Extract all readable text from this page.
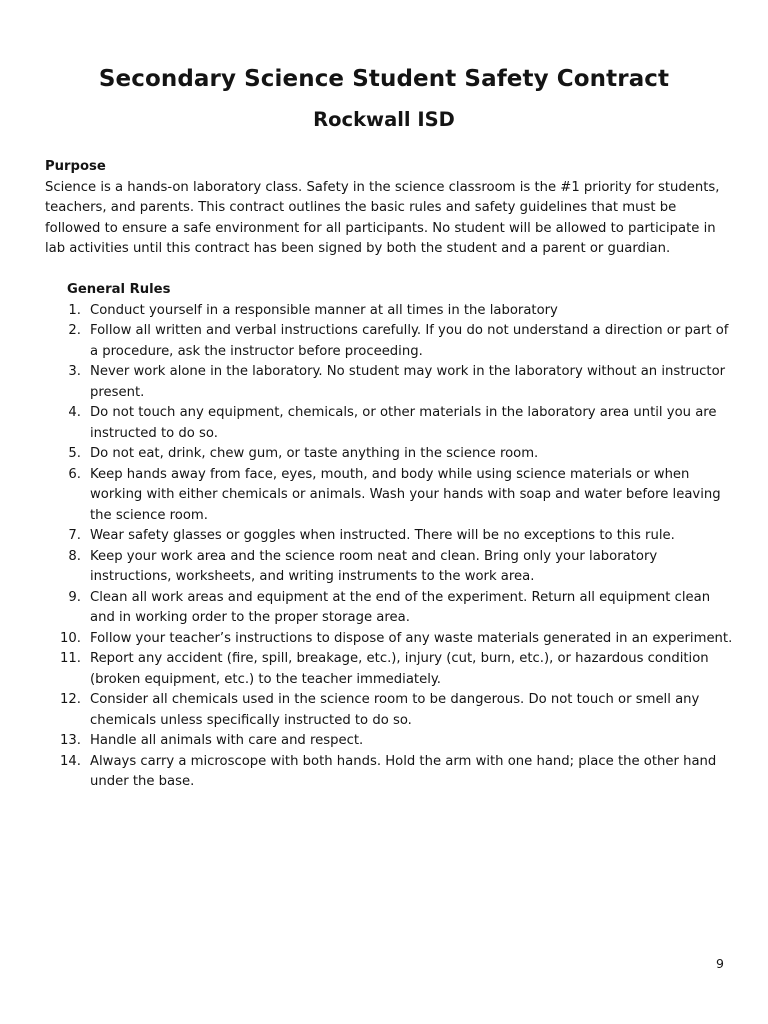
Secondary Science Student Safety Contract
Rockwall ISD

Purpose

Science is a hands-on laboratory class. Safety in the science classroom is the #1 priority for students, teachers, and parents. This contract outlines the basic rules and safety guidelines that must be followed to ensure a safe environment for all participants. No student will be allowed to participate in lab activities until this contract has been signed by both the student and a parent or guardian.

General Rules

1. Conduct yourself in a responsible manner at all times in the laboratory
2. Follow all written and verbal instructions carefully. If you do not understand a direction or part of a procedure, ask the instructor before proceeding.
3. Never work alone in the laboratory. No student may work in the laboratory without an instructor present.
4. Do not touch any equipment, chemicals, or other materials in the laboratory area until you are instructed to do so.
5. Do not eat, drink, chew gum, or taste anything in the science room.
6. Keep hands away from face, eyes, mouth, and body while using science materials or when working with either chemicals or animals. Wash your hands with soap and water before leaving the science room.
7. Wear safety glasses or goggles when instructed. There will be no exceptions to this rule.
8. Keep your work area and the science room neat and clean. Bring only your laboratory instructions, worksheets, and writing instruments to the work area.
9. Clean all work areas and equipment at the end of the experiment. Return all equipment clean and in working order to the proper storage area.
10. Follow your teacher’s instructions to dispose of any waste materials generated in an experiment.
11. Report any accident (fire, spill, breakage, etc.), injury (cut, burn, etc.), or hazardous condition (broken equipment, etc.) to the teacher immediately.
12. Consider all chemicals used in the science room to be dangerous. Do not touch or smell any chemicals unless specifically instructed to do so.
13. Handle all animals with care and respect.
14. Always carry a microscope with both hands. Hold the arm with one hand; place the other hand under the base.
9
